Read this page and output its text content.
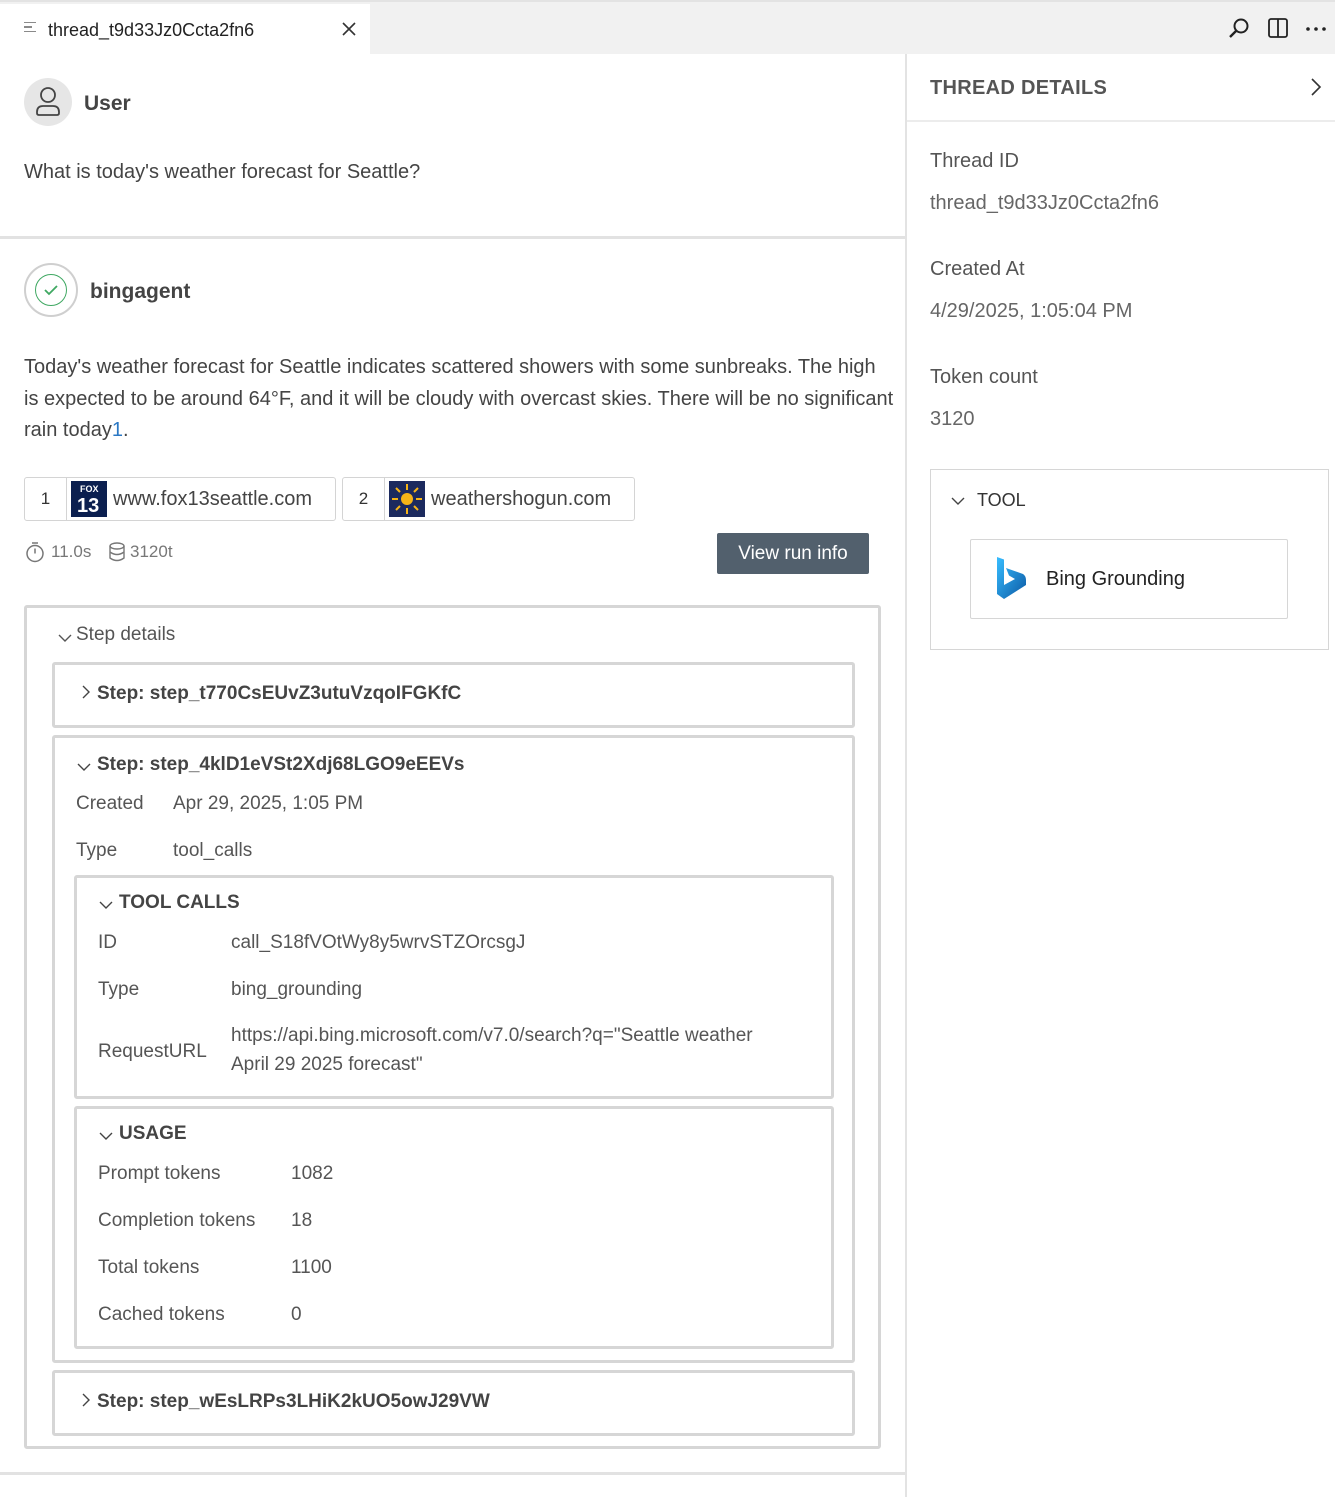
thread_t9d33Jz0Ccta2fn6
User

What is today's weather forecast for Seattle?

bingagent

Today's weather forecast for Seattle indicates scattered showers with some sunbreaks. The high is expected to be around 64°F, and it will be cloudy with overcast skies. There will be no significant rain today1.

1	FOX
13 www.fox13seattle.com	2	weathershogun.com
11.0s 3120t	View run info
Step details
Step: step_t770CsEUvZ3utuVzqoIFGKfC
Step: step_4klD1eVSt2Xdj68LGO9eEEVs
Created Apr 29, 2025, 1:05 PM
Type	tool_calls
TOOL CALLS
ID	call_S18fVOtWy8y5wrvSTZOrcsgJ
Type	bing_grounding
RequestURL
https://api.bing.microsoft.com/v7.0/search?q="Seattle weather April 29 2025 forecast"
USAGE
Prompt tokens	1082
Completion tokens 18
Total tokens	1100
Cached tokens	0
Step: step_wEsLRPs3LHiK2kUO5owJ29VW
THREAD DETAILS
Thread ID
thread_t9d33Jz0Ccta2fn6
Created At
4/29/2025, 1:05:04 PM
Token count
3120
TOOL
Bing Grounding
